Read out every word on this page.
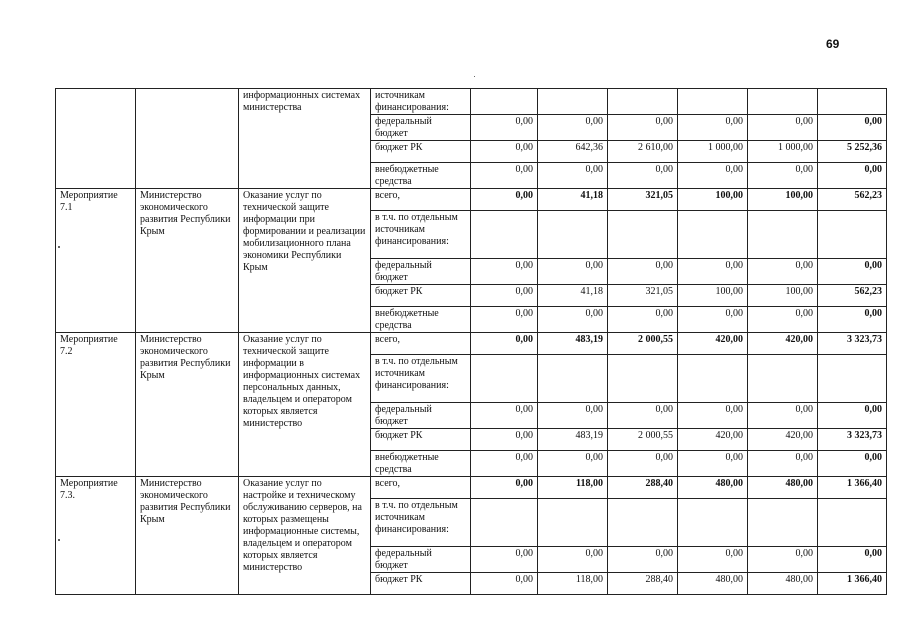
69
		информационных системах министерства	источникам финансирования:						
			федеральный бюджет	0,00	0,00	0,00	0,00	0,00	0,00
			бюджет РК	0,00	642,36	2 610,00	1 000,00	1 000,00	5 252,36
			внебюджетные средства	0,00	0,00	0,00	0,00	0,00	0,00
Мероприятие 7.1	Министерство экономического развития Республики Крым	Оказание услуг по технической защите информации при формировании и реализации мобилизационного плана экономики Республики Крым	всего,	0,00	41,18	321,05	100,00	100,00	562,23
			в т.ч. по отдельным источникам финансирования:						
			федеральный бюджет	0,00	0,00	0,00	0,00	0,00	0,00
			бюджет РК	0,00	41,18	321,05	100,00	100,00	562,23
			внебюджетные средства	0,00	0,00	0,00	0,00	0,00	0,00
Мероприятие 7.2	Министерство экономического развития Республики Крым	Оказание услуг по технической защите информации в информационных системах персональных данных, владельцем и оператором которых является министерство	всего,	0,00	483,19	2 000,55	420,00	420,00	3 323,73
			в т.ч. по отдельным источникам финансирования:						
			федеральный бюджет	0,00	0,00	0,00	0,00	0,00	0,00
			бюджет РК	0,00	483,19	2 000,55	420,00	420,00	3 323,73
			внебюджетные средства	0,00	0,00	0,00	0,00	0,00	0,00
Мероприятие 7.3.	Министерство экономического развития Республики Крым	Оказание услуг по настройке и техническому обслуживанию серверов, на которых размещены информационные системы, владельцем и оператором которых является министерство	всего,	0,00	118,00	288,40	480,00	480,00	1 366,40
			в т.ч. по отдельным источникам финансирования:						
			федеральный бюджет	0,00	0,00	0,00	0,00	0,00	0,00
			бюджет РК	0,00	118,00	288,40	480,00	480,00	1 366,40
